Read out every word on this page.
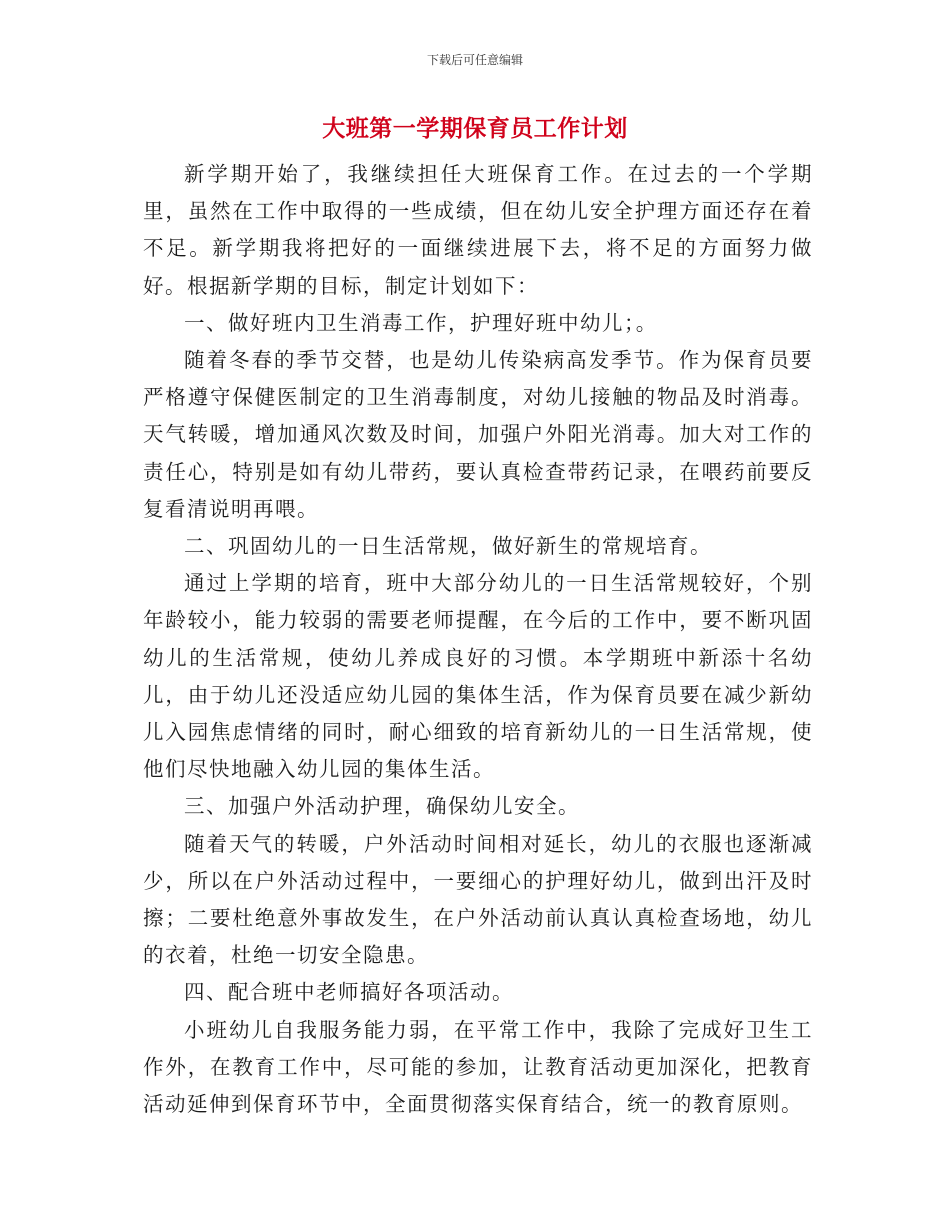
下载后可任意编辑
大班第一学期保育员工作计划

新学期开始了，我继续担任大班保育工作。在过去的一个学期里，虽然在工作中取得的一些成绩，但在幼儿安全护理方面还存在着不足。新学期我将把好的一面继续进展下去，将不足的方面努力做好。根据新学期的目标，制定计划如下：

一、做好班内卫生消毒工作，护理好班中幼儿；。

随着冬春的季节交替，也是幼儿传染病高发季节。作为保育员要严格遵守保健医制定的卫生消毒制度，对幼儿接触的物品及时消毒。天气转暖，增加通风次数及时间，加强户外阳光消毒。加大对工作的责任心，特别是如有幼儿带药，要认真检查带药记录，在喂药前要反复看清说明再喂。

二、巩固幼儿的一日生活常规，做好新生的常规培育。

通过上学期的培育，班中大部分幼儿的一日生活常规较好，个别年龄较小，能力较弱的需要老师提醒，在今后的工作中，要不断巩固幼儿的生活常规，使幼儿养成良好的习惯。本学期班中新添十名幼儿，由于幼儿还没适应幼儿园的集体生活，作为保育员要在减少新幼儿入园焦虑情绪的同时，耐心细致的培育新幼儿的一日生活常规，使他们尽快地融入幼儿园的集体生活。

三、加强户外活动护理，确保幼儿安全。

随着天气的转暖，户外活动时间相对延长，幼儿的衣服也逐渐减少，所以在户外活动过程中，一要细心的护理好幼儿，做到出汗及时擦；二要杜绝意外事故发生，在户外活动前认真认真检查场地，幼儿的衣着，杜绝一切安全隐患。

四、配合班中老师搞好各项活动。

小班幼儿自我服务能力弱，在平常工作中，我除了完成好卫生工作外，在教育工作中，尽可能的参加，让教育活动更加深化，把教育活动延伸到保育环节中，全面贯彻落实保育结合，统一的教育原则。
